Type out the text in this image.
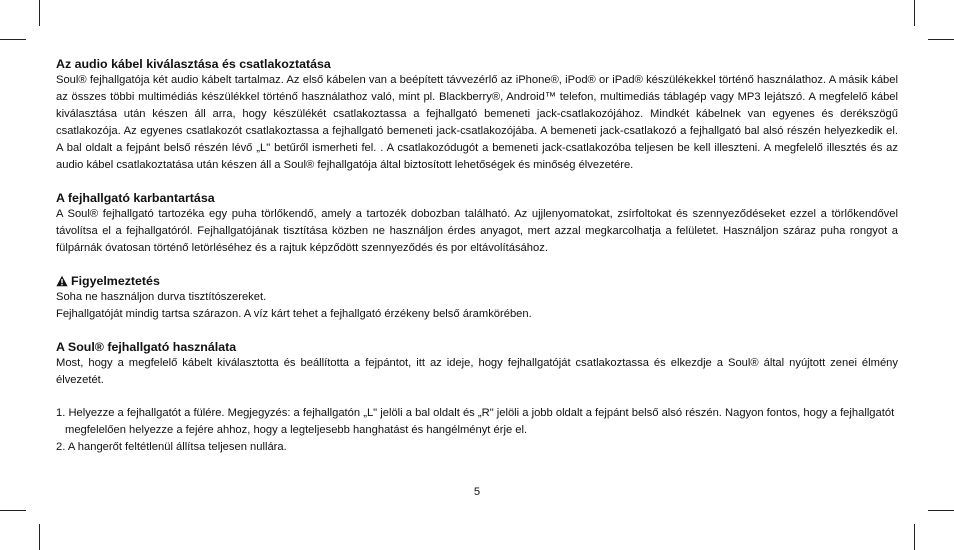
Az audio kábel kiválasztása és csatlakoztatása

Soul® fejhallgatója két audio kábelt tartalmaz. Az első kábelen van a beépített távvezérlő az iPhone®, iPod® or iPad® készülékekkel történő használathoz. A másik kábel az összes többi multimédiás készülékkel történő használathoz való, mint pl. Blackberry®, Android™ telefon, multimediás táblagép vagy MP3 lejátszó. A megfelelő kábel kiválasztása után készen áll arra, hogy készülékét csatlakoztassa a fejhallgató bemeneti jack-csatlakozójához. Mindkét kábelnek van egyenes és derékszögű csatlakozója. Az egyenes csatlakozót csatlakoztassa a fejhallgató bemeneti jack-csatlakozójába. A bemeneti jack-csatlakozó a fejhallgató bal alsó részén helyezkedik el. A bal oldalt a fejpánt belső részén lévő „L" betűről ismerheti fel. . A csatlakozódugót a bemeneti jack-csatlakozóba teljesen be kell illeszteni. A megfelelő illesztés és az audio kábel csatlakoztatása után készen áll a Soul® fejhallgatója által biztosított lehetőségek és minőség élvezetére.

A fejhallgató karbantartása

A Soul® fejhallgató tartozéka egy puha törlőkendő, amely a tartozék dobozban található. Az ujjlenyomatokat, zsírfoltokat és szennyeződéseket ezzel a törlőkendővel távolítsa el a fejhallgatóról. Fejhallgatójának tisztítása közben ne használjon érdes anyagot, mert azzal megkarcolhatja a felületet. Használjon száraz puha rongyot a fülpárnák óvatosan történő letörléséhez és a rajtuk képződött szennyeződés és por eltávolításához.

Figyelmeztetés

Soha ne használjon durva tisztítószereket.

Fejhallgatóját mindig tartsa szárazon. A víz kárt tehet a fejhallgató érzékeny belső áramkörében.

A Soul® fejhallgató használata

Most, hogy a megfelelő kábelt kiválasztotta és beállította a fejpántot, itt az ideje, hogy fejhallgatóját csatlakoztassa és elkezdje a Soul® által nyújtott zenei élmény élvezetét.

1. Helyezze a fejhallgatót a fülére. Megjegyzés: a fejhallgatón „L" jelöli a bal oldalt és „R" jelöli a jobb oldalt a fejpánt belső alsó részén. Nagyon fontos, hogy a fejhallgatót megfelelően helyezze a fejére ahhoz, hogy a legteljesebb hanghatást és hangélményt érje el.
2. A hangerőt feltétlenül állítsa teljesen nullára.
5
